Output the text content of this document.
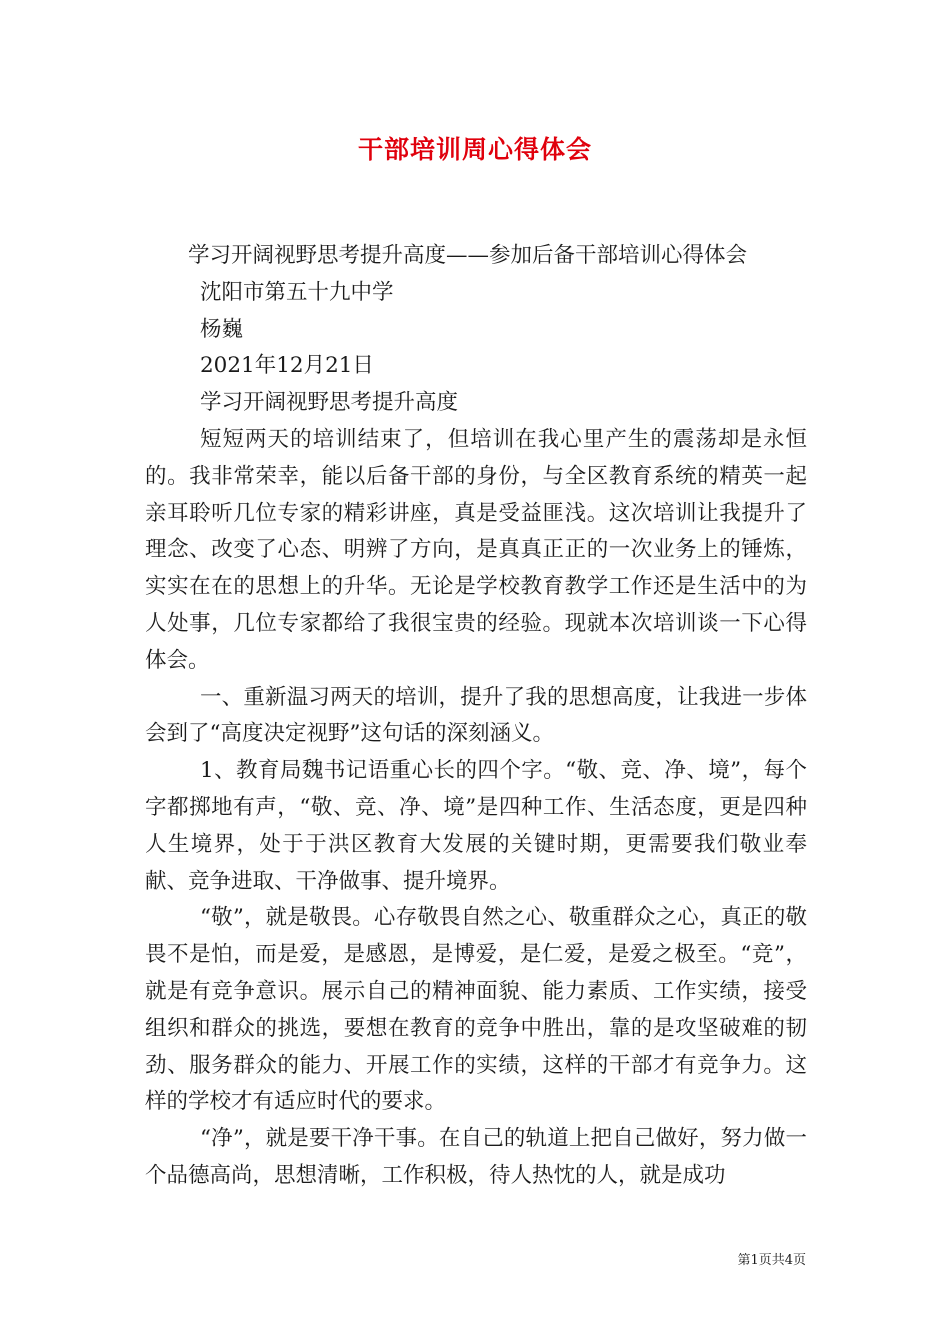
干部培训周心得体会

学习开阔视野思考提升高度——参加后备干部培训心得体会

沈阳市第五十九中学

杨巍

2021年12月21日

学习开阔视野思考提升高度

短短两天的培训结束了，但培训在我心里产生的震荡却是永恒的。我非常荣幸，能以后备干部的身份，与全区教育系统的精英一起亲耳聆听几位专家的精彩讲座，真是受益匪浅。这次培训让我提升了理念、改变了心态、明辨了方向，是真真正正的一次业务上的锤炼，实实在在的思想上的升华。无论是学校教育教学工作还是生活中的为人处事，几位专家都给了我很宝贵的经验。现就本次培训谈一下心得体会。

一、重新温习两天的培训，提升了我的思想高度，让我进一步体会到了“高度决定视野”这句话的深刻涵义。

1、教育局魏书记语重心长的四个字。“敬、竞、净、境”，每个字都掷地有声，“敬、竞、净、境”是四种工作、生活态度，更是四种人生境界，处于于洪区教育大发展的关键时期，更需要我们敬业奉献、竞争进取、干净做事、提升境界。

“敬”，就是敬畏。心存敬畏自然之心、敬重群众之心，真正的敬畏不是怕，而是爱，是感恩，是博爱，是仁爱，是爱之极至。“竞”，就是有竞争意识。展示自己的精神面貌、能力素质、工作实绩，接受组织和群众的挑选，要想在教育的竞争中胜出，靠的是攻坚破难的韧劲、服务群众的能力、开展工作的实绩，这样的干部才有竞争力。这样的学校才有适应时代的要求。

“净”，就是要干净干事。在自己的轨道上把自己做好，努力做一个品德高尚，思想清晰，工作积极，待人热忱的人，就是成功

第1页共4页
